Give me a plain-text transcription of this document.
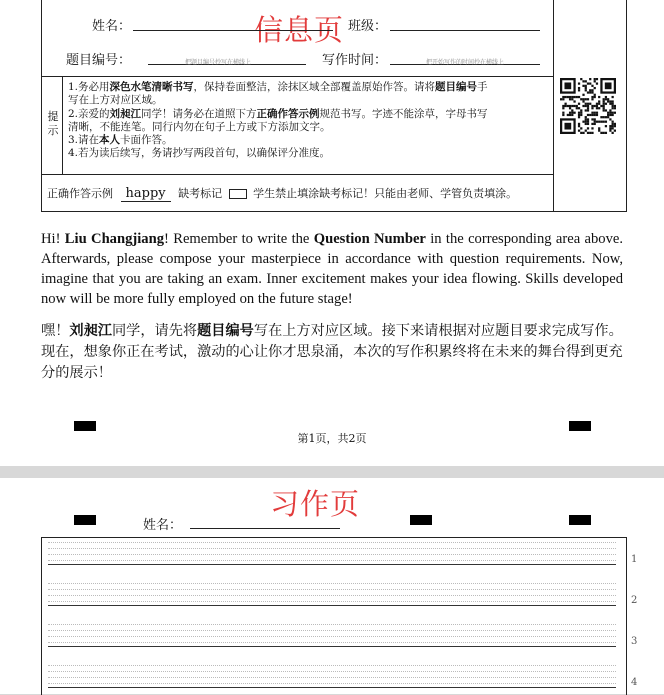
信息页
姓名：	班级：
题目编号：	把题目编号抄写在横线上	写作时间：	把开始写作的时间抄在横线上
提示
1.务必用深色水笔清晰书写，保持卷面整洁，涂抹区域全部覆盖原始作答。请将题目编号手
写在上方对应区域。
2.亲爱的刘昶江同学！请务必在道照下方正确作答示例规范书写。字迹不能涂草，字母书写
清晰，不能连笔。同行内勿在句子上方或下方添加文字。
3.请在本人卡面作答。
4.若为读后续写，务请抄写两段首句，以确保评分准度。
正确作答示例 happy 缺考标记	学生禁止填涂缺考标记！只能由老师、学管负责填涂。
Hi! Liu Changjiang! Remember to write the Question Number in the corresponding area above. Afterwards, please compose your masterpiece in accordance with question requirements. Now, imagine that you are taking an exam. Inner excitement makes your idea flowing. Skills developed now will be more fully employed on the future stage!
嘿！刘昶江同学，请先将题目编号写在上方对应区域。接下来请根据对应题目要求完成写作。现在，想象你正在考试，激动的心让你才思泉涌，本次的写作积累终将在未来的舞台得到更充分的展示！
第1页，共2页
习作页
姓名：
1
2
3
4
